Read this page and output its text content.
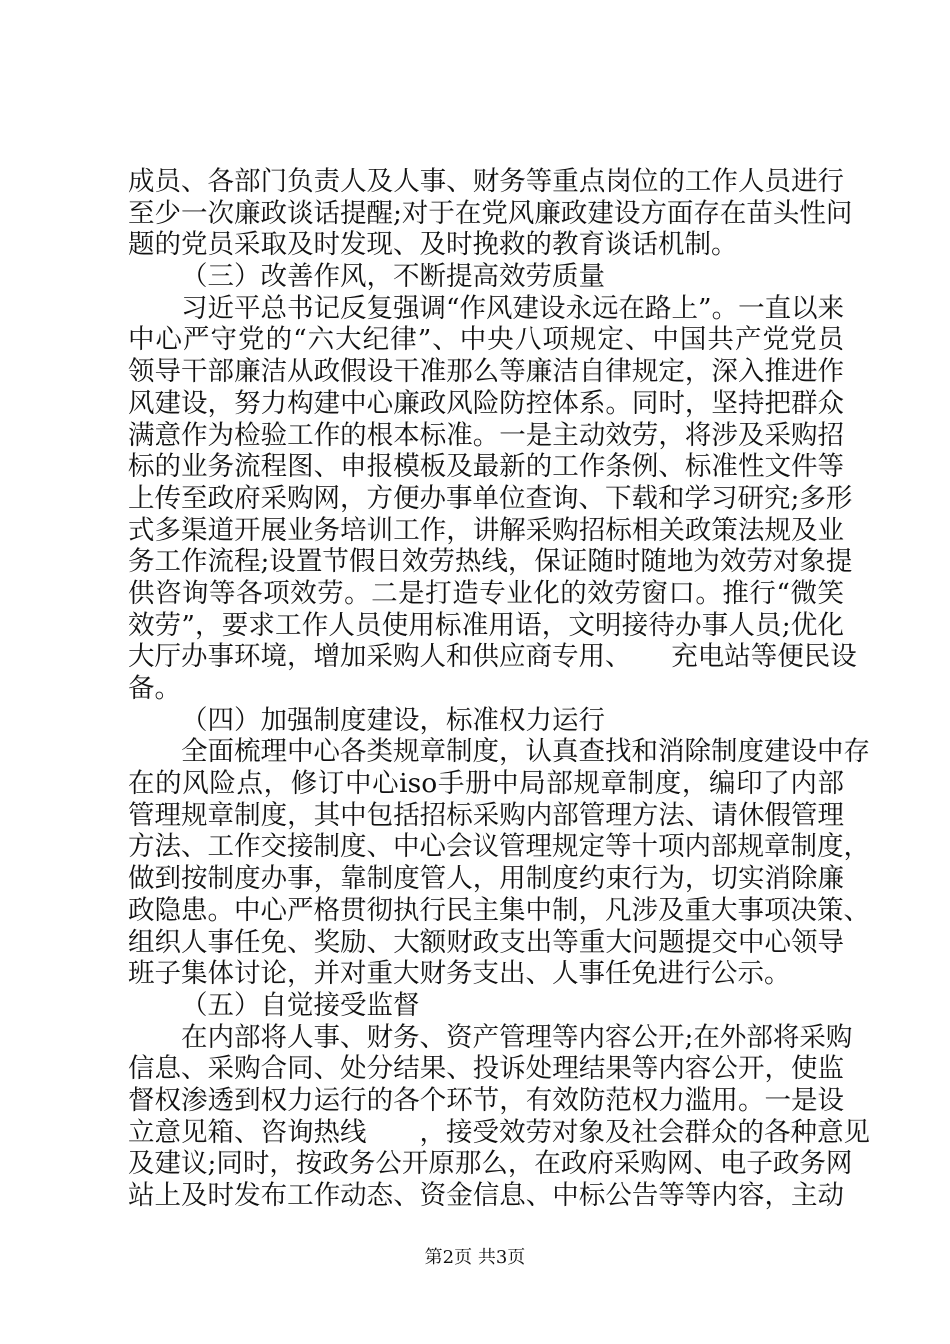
成员、各部门负责人及人事、财务等重点岗位的工作人员进行
至少一次廉政谈话提醒;对于在党风廉政建设方面存在苗头性问
题的党员采取及时发现、及时挽救的教育谈话机制。
（三）改善作风，不断提高效劳质量
习近平总书记反复强调“作风建设永远在路上”。一直以来
中心严守党的“六大纪律”、中央八项规定、中国共产党党员
领导干部廉洁从政假设干准那么等廉洁自律规定，深入推进作
风建设，努力构建中心廉政风险防控体系。同时，坚持把群众
满意作为检验工作的根本标准。一是主动效劳，将涉及采购招
标的业务流程图、申报模板及最新的工作条例、标准性文件等
上传至政府采购网，方便办事单位查询、下载和学习研究;多形
式多渠道开展业务培训工作，讲解采购招标相关政策法规及业
务工作流程;设置节假日效劳热线，保证随时随地为效劳对象提
供咨询等各项效劳。二是打造专业化的效劳窗口。推行“微笑
效劳”，要求工作人员使用标准用语，文明接待办事人员;优化
大厅办事环境，增加采购人和供应商专用、　　充电站等便民设
备。
（四）加强制度建设，标准权力运行
全面梳理中心各类规章制度，认真查找和消除制度建设中存
在的风险点，修订中心iso手册中局部规章制度，编印了内部
管理规章制度，其中包括招标采购内部管理方法、请休假管理
方法、工作交接制度、中心会议管理规定等十项内部规章制度，
做到按制度办事，靠制度管人，用制度约束行为，切实消除廉
政隐患。中心严格贯彻执行民主集中制，凡涉及重大事项决策、
组织人事任免、奖励、大额财政支出等重大问题提交中心领导
班子集体讨论，并对重大财务支出、人事任免进行公示。
（五）自觉接受监督
在内部将人事、财务、资产管理等内容公开;在外部将采购
信息、采购合同、处分结果、投诉处理结果等内容公开，使监
督权渗透到权力运行的各个环节，有效防范权力滥用。一是设
立意见箱、咨询热线　　，接受效劳对象及社会群众的各种意见
及建议;同时，按政务公开原那么，在政府采购网、电子政务网
站上及时发布工作动态、资金信息、中标公告等等内容，主动
第2页 共3页
